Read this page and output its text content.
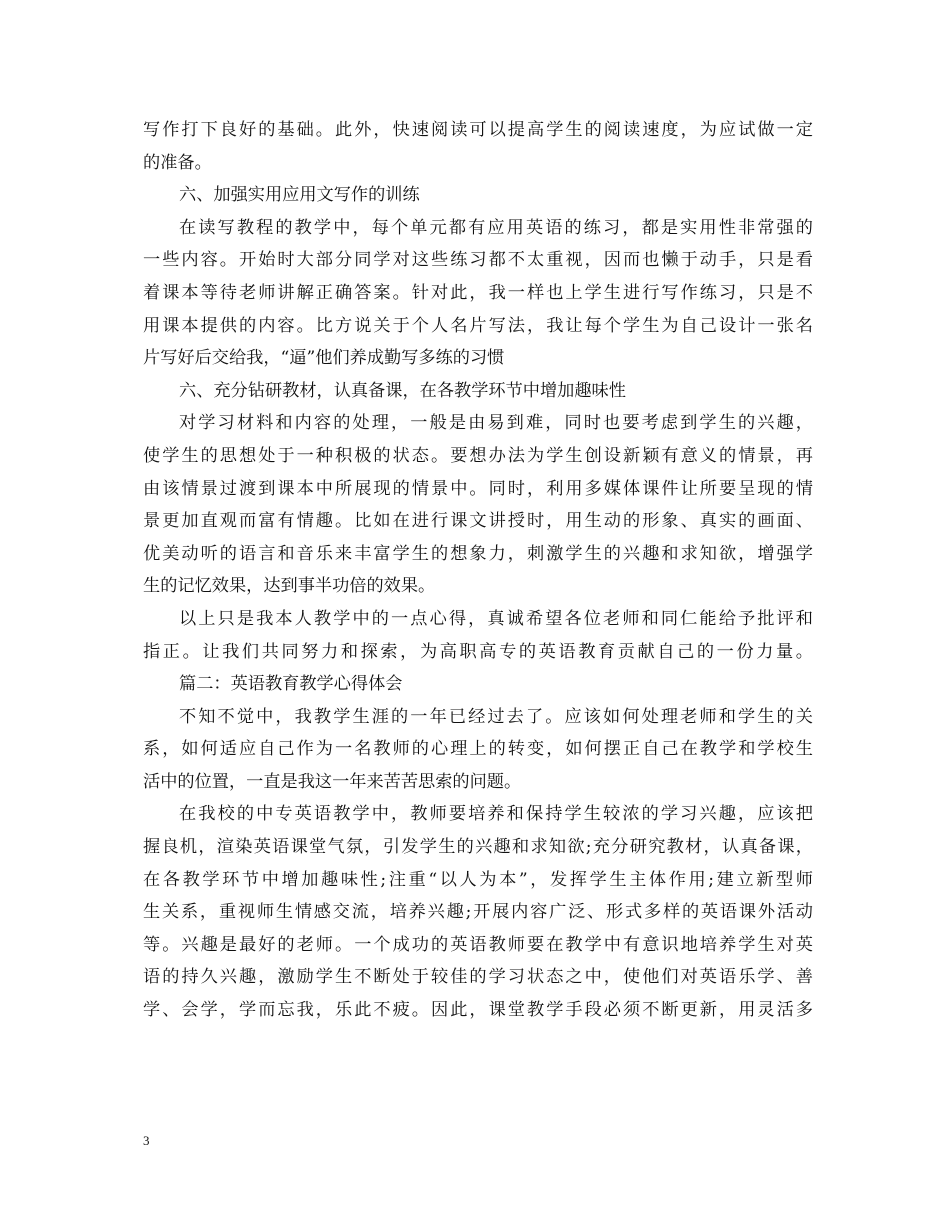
写作打下良好的基础。此外，快速阅读可以提高学生的阅读速度，为应试做一定
的准备。
六、加强实用应用文写作的训练
在读写教程的教学中，每个单元都有应用英语的练习，都是实用性非常强的
一些内容。开始时大部分同学对这些练习都不太重视，因而也懒于动手，只是看
着课本等待老师讲解正确答案。针对此，我一样也上学生进行写作练习，只是不
用课本提供的内容。比方说关于个人名片写法，我让每个学生为自己设计一张名
片写好后交给我，“逼”他们养成勤写多练的习惯
六、充分钻研教材，认真备课，在各教学环节中增加趣味性
对学习材料和内容的处理，一般是由易到难，同时也要考虑到学生的兴趣，
使学生的思想处于一种积极的状态。要想办法为学生创设新颖有意义的情景，再
由该情景过渡到课本中所展现的情景中。同时，利用多媒体课件让所要呈现的情
景更加直观而富有情趣。比如在进行课文讲授时，用生动的形象、真实的画面、
优美动听的语言和音乐来丰富学生的想象力，刺激学生的兴趣和求知欲，增强学
生的记忆效果，达到事半功倍的效果。
以上只是我本人教学中的一点心得，真诚希望各位老师和同仁能给予批评和
指正。让我们共同努力和探索，为高职高专的英语教育贡献自己的一份力量。
篇二：英语教育教学心得体会
不知不觉中，我教学生涯的一年已经过去了。应该如何处理老师和学生的关
系，如何适应自己作为一名教师的心理上的转变，如何摆正自己在教学和学校生
活中的位置，一直是我这一年来苦苦思索的问题。
在我校的中专英语教学中，教师要培养和保持学生较浓的学习兴趣，应该把
握良机，渲染英语课堂气氛，引发学生的兴趣和求知欲;充分研究教材，认真备课，
在各教学环节中增加趣味性;注重“以人为本”，发挥学生主体作用;建立新型师
生关系，重视师生情感交流，培养兴趣;开展内容广泛、形式多样的英语课外活动
等。兴趣是最好的老师。一个成功的英语教师要在教学中有意识地培养学生对英
语的持久兴趣，激励学生不断处于较佳的学习状态之中，使他们对英语乐学、善
学、会学，学而忘我，乐此不疲。因此，课堂教学手段必须不断更新，用灵活多
3
